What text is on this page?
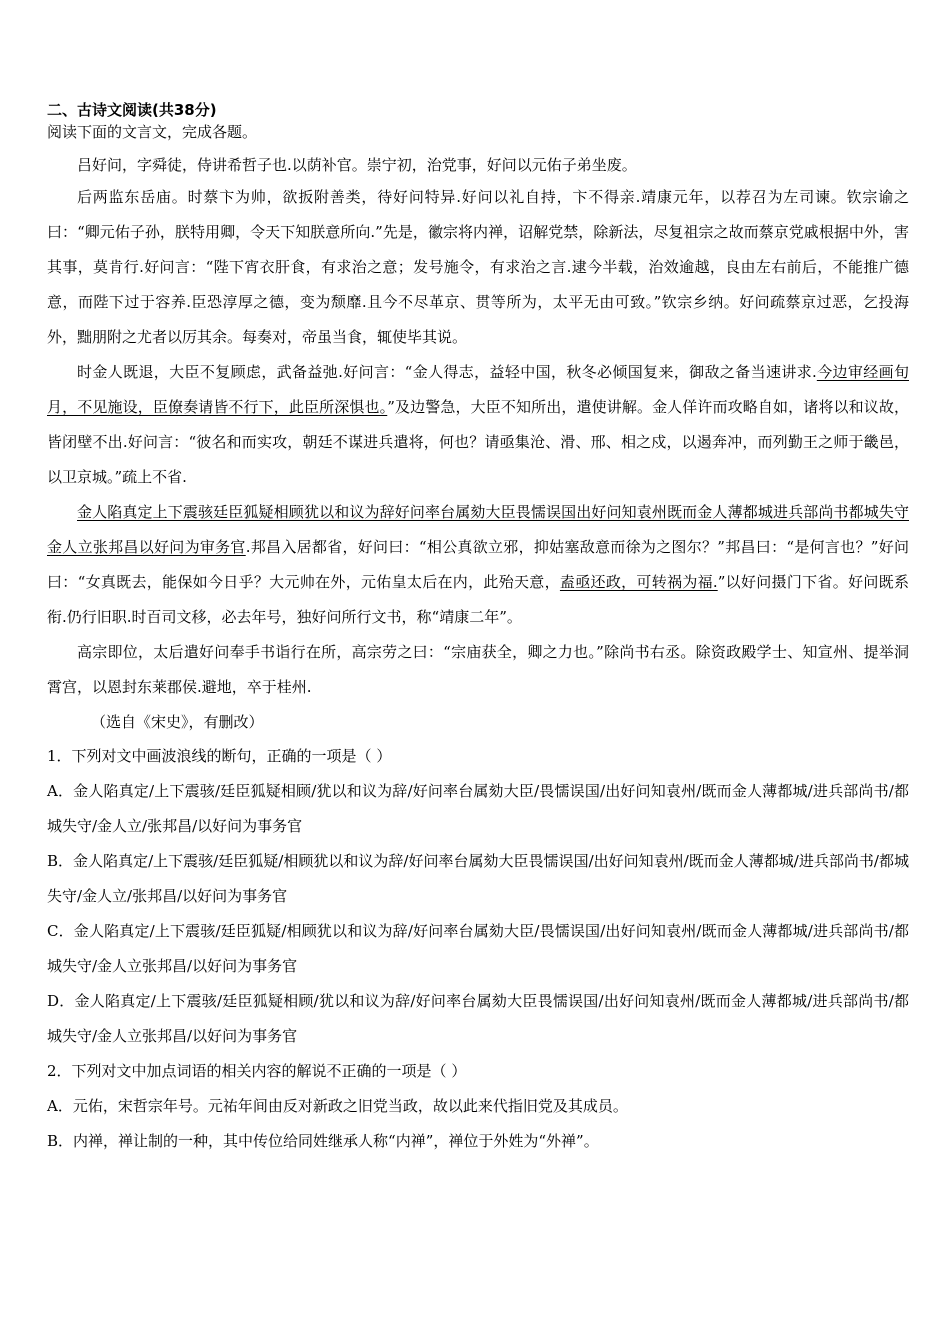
二、古诗文阅读(共38分)

阅读下面的文言文，完成各题。

吕好问，字舜徒，侍讲希哲子也.以荫补官。崇宁初，治党事，好问以元佑子弟坐废。

后两监东岳庙。时蔡卞为帅，欲扳附善类，待好问特异.好问以礼自持，卞不得亲.靖康元年，以荐召为左司谏。钦宗谕之曰：“卿元佑子孙，朕特用卿，令天下知朕意所向.”先是，徽宗将内禅，诏解党禁，除新法，尽复祖宗之故而蔡京党戚根据中外，害其事，莫肯行.好问言：“陛下宵衣肝食，有求治之意；发号施令，有求治之言.逮今半载，治效逾越，良由左右前后，不能推广德意，而陛下过于容养.臣恐淳厚之德，变为颓靡.且今不尽革京、贯等所为，太平无由可致。”钦宗乡纳。好问疏蔡京过恶，乞投海外，黜朋附之尤者以厉其余。每奏对，帝虽当食，辄使毕其说。

时金人既退，大臣不复顾虑，武备益弛.好问言：“金人得志，益轻中国，秋冬必倾国复来，御敌之备当速讲求.今边审经画旬月，不见施设，臣僚奏请皆不行下，此臣所深惧也。”及边警急，大臣不知所出，遣使讲解。金人佯许而攻略自如，诸将以和议故，皆闭壁不出.好问言：“彼名和而实攻，朝廷不谋进兵遣将，何也？请亟集沧、滑、邢、相之戍，以遏奔冲，而列勤王之师于畿邑，以卫京城。”疏上不省.

金人陷真定上下震骇廷臣狐疑相顾犹以和议为辞好问率台属劾大臣畏懦误国出好问知袁州既而金人薄都城进兵部尚书都城失守金人立张邦昌以好问为审务官.邦昌入居都省，好问曰：“相公真欲立邪，抑姑塞敌意而徐为之图尔？”邦昌曰：“是何言也？”好问曰：“女真既去，能保如今日乎？大元帅在外，元佑皇太后在内，此殆天意，盍亟还政，可转祸为福.”以好问摄门下省。好问既系衔.仍行旧职.时百司文移，必去年号，独好问所行文书，称“靖康二年”。

高宗即位，太后遣好问奉手书诣行在所，高宗劳之曰：“宗庙获全，卿之力也。”除尚书右丞。除资政殿学士、知宣州、提举洞霄宫，以恩封东莱郡侯.避地，卒于桂州.

（选自《宋史》，有删改）

1．下列对文中画波浪线的断句，正确的一项是（ ）

A．金人陷真定/上下震骇/廷臣狐疑相顾/犹以和议为辞/好问率台属劾大臣/畏懦误国/出好问知袁州/既而金人薄都城/进兵部尚书/都城失守/金人立/张邦昌/以好问为事务官

B．金人陷真定/上下震骇/廷臣狐疑/相顾犹以和议为辞/好问率台属劾大臣畏懦误国/出好问知袁州/既而金人薄都城/进兵部尚书/都城失守/金人立/张邦昌/以好问为事务官

C．金人陷真定/上下震骇/廷臣狐疑/相顾犹以和议为辞/好问率台属劾大臣/畏懦误国/出好问知袁州/既而金人薄都城/进兵部尚书/都城失守/金人立张邦昌/以好问为事务官

D．金人陷真定/上下震骇/廷臣狐疑相顾/犹以和议为辞/好问率台属劾大臣畏懦误国/出好问知袁州/既而金人薄都城/进兵部尚书/都城失守/金人立张邦昌/以好问为事务官

2．下列对文中加点词语的相关内容的解说不正确的一项是（ ）

A．元佑，宋哲宗年号。元祐年间由反对新政之旧党当政，故以此来代指旧党及其成员。

B．内禅，禅让制的一种，其中传位给同姓继承人称“内禅”，禅位于外姓为“外禅”。
